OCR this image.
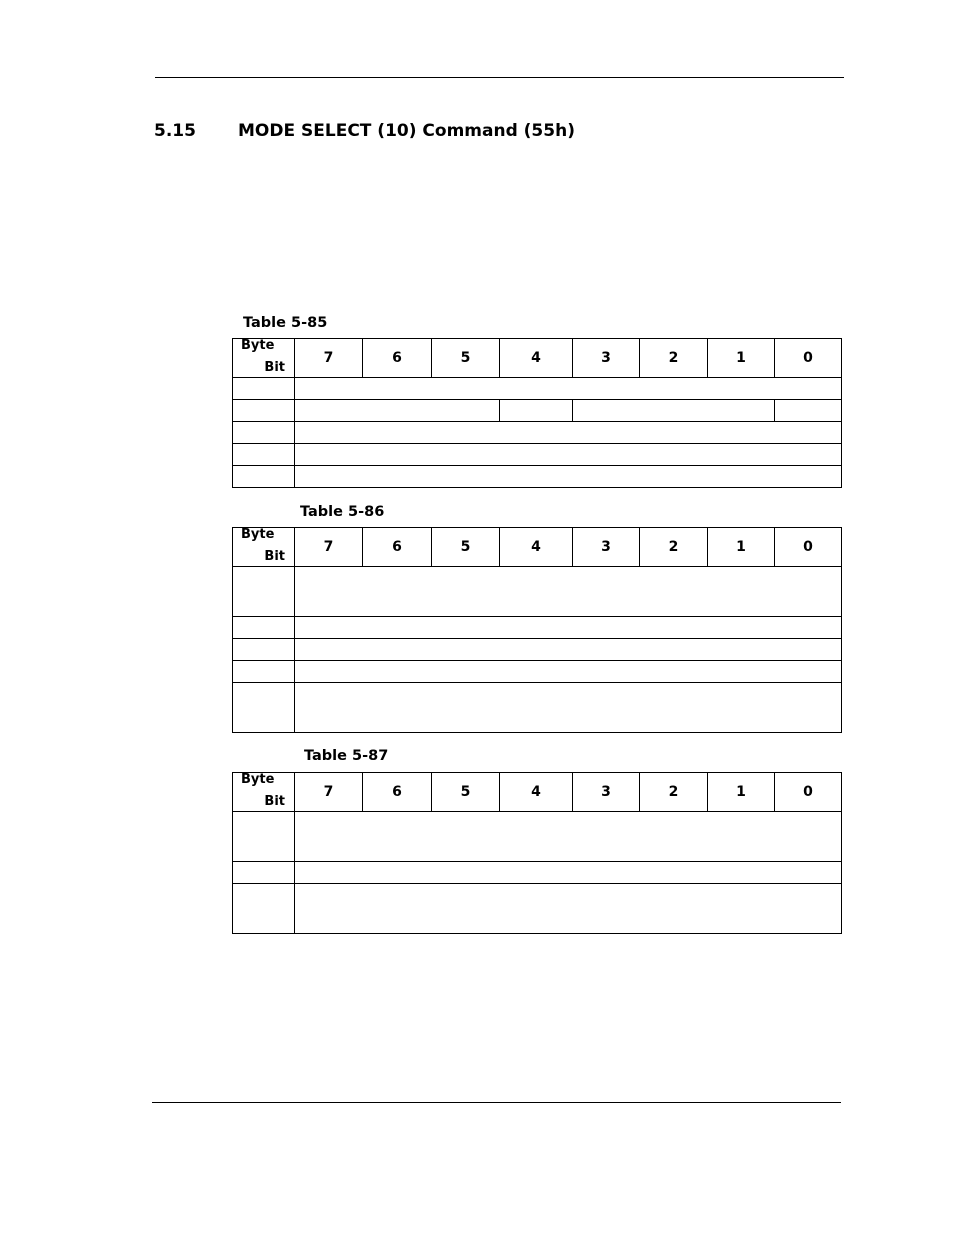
5.15 MODE SELECT (10) Command (55h)
Table 5-85
Bit
Byte	7	6	5	4	3	2	1	0

Table 5-86
Bit
Byte	7	6	5	4	3	2	1	0

Table 5-87
Bit
Byte	7	6	5	4	3	2	1	0
